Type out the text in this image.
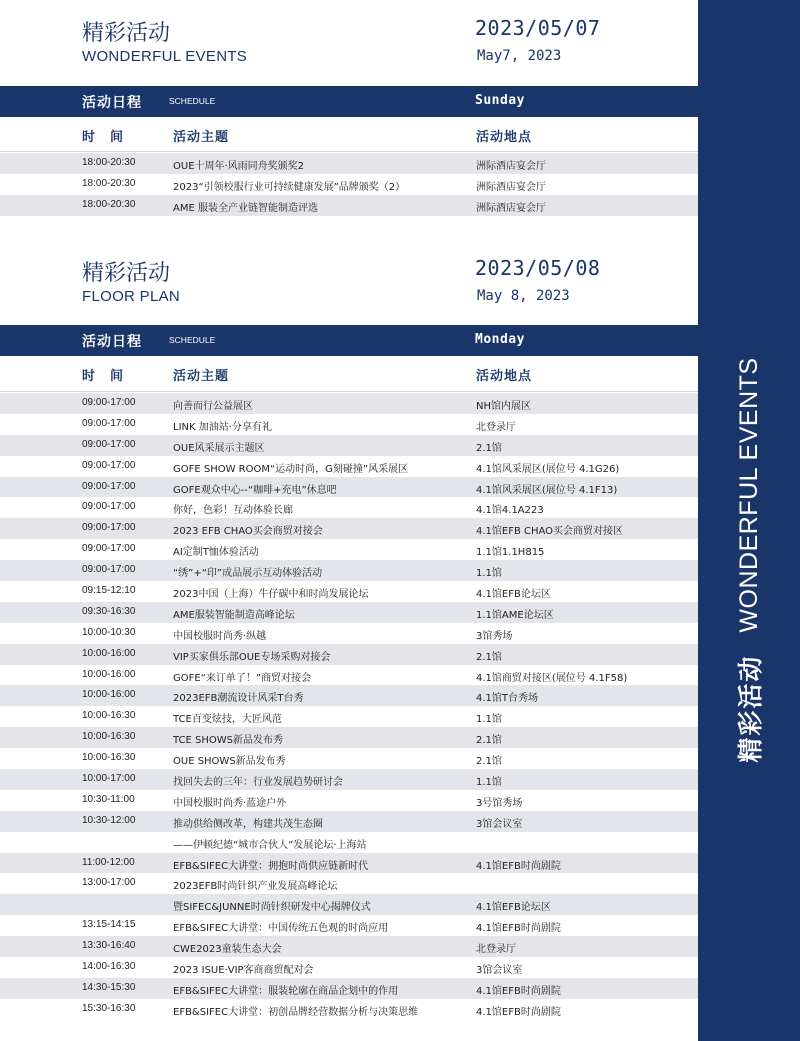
精彩活动
WONDERFUL EVENTS
精彩活动
WONDERFUL EVENTS
2023/05/07
May7, 2023
活动日程	SCHEDULE	Sunday
时　间	活动主题	活动地点
18:00-20:30	OUE十周年·风雨同舟奖颁奖2	洲际酒店宴会厅
18:00-20:30	2023“引领校服行业可持续健康发展”品牌颁奖（2）	洲际酒店宴会厅
18:00-20:30	AME 服装全产业链智能制造评选	洲际酒店宴会厅
精彩活动
FLOOR PLAN
2023/05/08
May 8, 2023
活动日程	SCHEDULE	Monday
时　间	活动主题	活动地点
09:00-17:00	向善而行公益展区	NH馆内展区
09:00-17:00	LINK 加油站·分享有礼	北登录厅
09:00-17:00	OUE风采展示主题区	2.1馆
09:00-17:00	GOFE SHOW ROOM“运动时尚，G刻碰撞”风采展区	4.1馆风采展区(展位号 4.1G26)
09:00-17:00	GOFE观众中心--“咖啡+充电”休息吧	4.1馆风采展区(展位号 4.1F13)
09:00-17:00	你好，色彩！互动体验长廊	4.1馆4.1A223
09:00-17:00	2023 EFB CHAO买会商贸对接会	4.1馆EFB CHAO买会商贸对接区
09:00-17:00	AI定制T恤体验活动	1.1馆1.1H815
09:00-17:00	“绣”+“印”成品展示互动体验活动	1.1馆
09:15-12:10	2023中国（上海）牛仔碳中和时尚发展论坛	4.1馆EFB论坛区
09:30-16:30	AME服装智能制造高峰论坛	1.1馆AME论坛区
10:00-10:30	中国校服时尚秀·纵越	3馆秀场
10:00-16:00	VIP买家俱乐部OUE专场采购对接会	2.1馆
10:00-16:00	GOFE“来订单了！”商贸对接会	4.1馆商贸对接区(展位号 4.1F58)
10:00-16:00	2023EFB潮流设计风采T台秀	4.1馆T台秀场
10:00-16:30	TCE百变炫技，大匠风范	1.1馆
10:00-16:30	TCE SHOWS新品发布秀	2.1馆
10:00-16:30	OUE SHOWS新品发布秀	2.1馆
10:00-17:00	找回失去的三年：行业发展趋势研讨会	1.1馆
10:30-11:00	中国校服时尚秀·蓝途户外	3号馆秀场
10:30-12:00	推动供给侧改革，构建共茂生态圈	3馆会议室
——伊顿纪德“城市合伙人”发展论坛·上海站
11:00-12:00	EFB&SIFEC大讲堂：拥抱时尚供应链新时代	4.1馆EFB时尚剧院
13:00-17:00	2023EFB时尚针织产业发展高峰论坛
暨SIFEC&JUNNE时尚针织研发中心揭牌仪式	4.1馆EFB论坛区
13:15-14:15	EFB&SIFEC大讲堂：中国传统五色观的时尚应用	4.1馆EFB时尚剧院
13:30-16:40	CWE2023童装生态大会	北登录厅
14:00-16:30	2023 ISUE·VIP客商商贸配对会	3馆会议室
14:30-15:30	EFB&SIFEC大讲堂：服装轮廓在商品企划中的作用	4.1馆EFB时尚剧院
15:30-16:30	EFB&SIFEC大讲堂：初创品牌经营数据分析与决策思维	4.1馆EFB时尚剧院
